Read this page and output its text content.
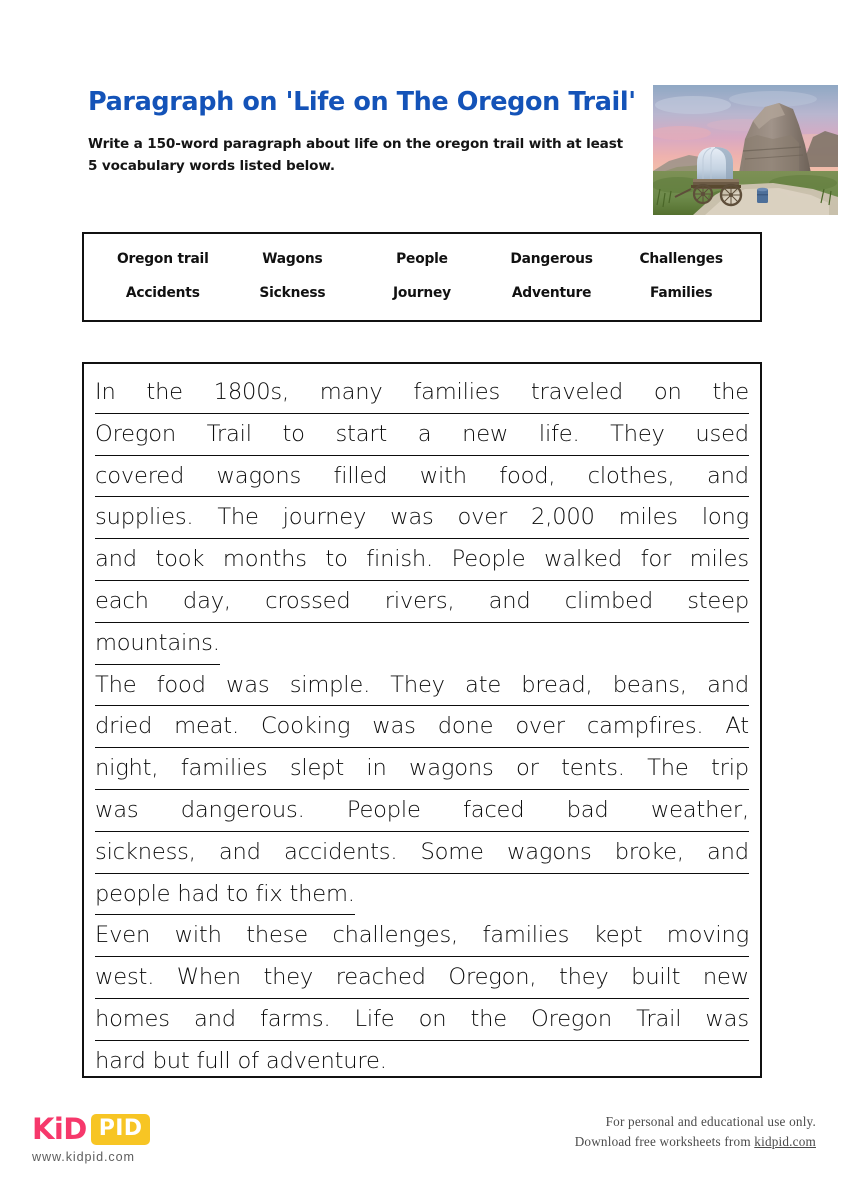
Paragraph on 'Life on The Oregon Trail'
Write a 150-word paragraph about life on the oregon trail with at least 5 vocabulary words listed below.
Oregon trail	Wagons	People	Dangerous	Challenges
Accidents	Sickness	Journey	Adventure	Families
In the 1800s, many families traveled on the
Oregon Trail to start a new life. They used
covered wagons filled with food, clothes, and
supplies. The journey was over 2,000 miles long
and took months to finish. People walked for miles
each day, crossed rivers, and climbed steep
mountains.
The food was simple. They ate bread, beans, and
dried meat. Cooking was done over campfires. At
night, families slept in wagons or tents. The trip
was dangerous. People faced bad weather,
sickness, and accidents. Some wagons broke, and
people had to fix them.
Even with these challenges, families kept moving
west. When they reached Oregon, they built new
homes and farms. Life on the Oregon Trail was
hard but full of adventure.
KiD PID
www.kidpid.com
For personal and educational use only.
Download free worksheets from kidpid.com
